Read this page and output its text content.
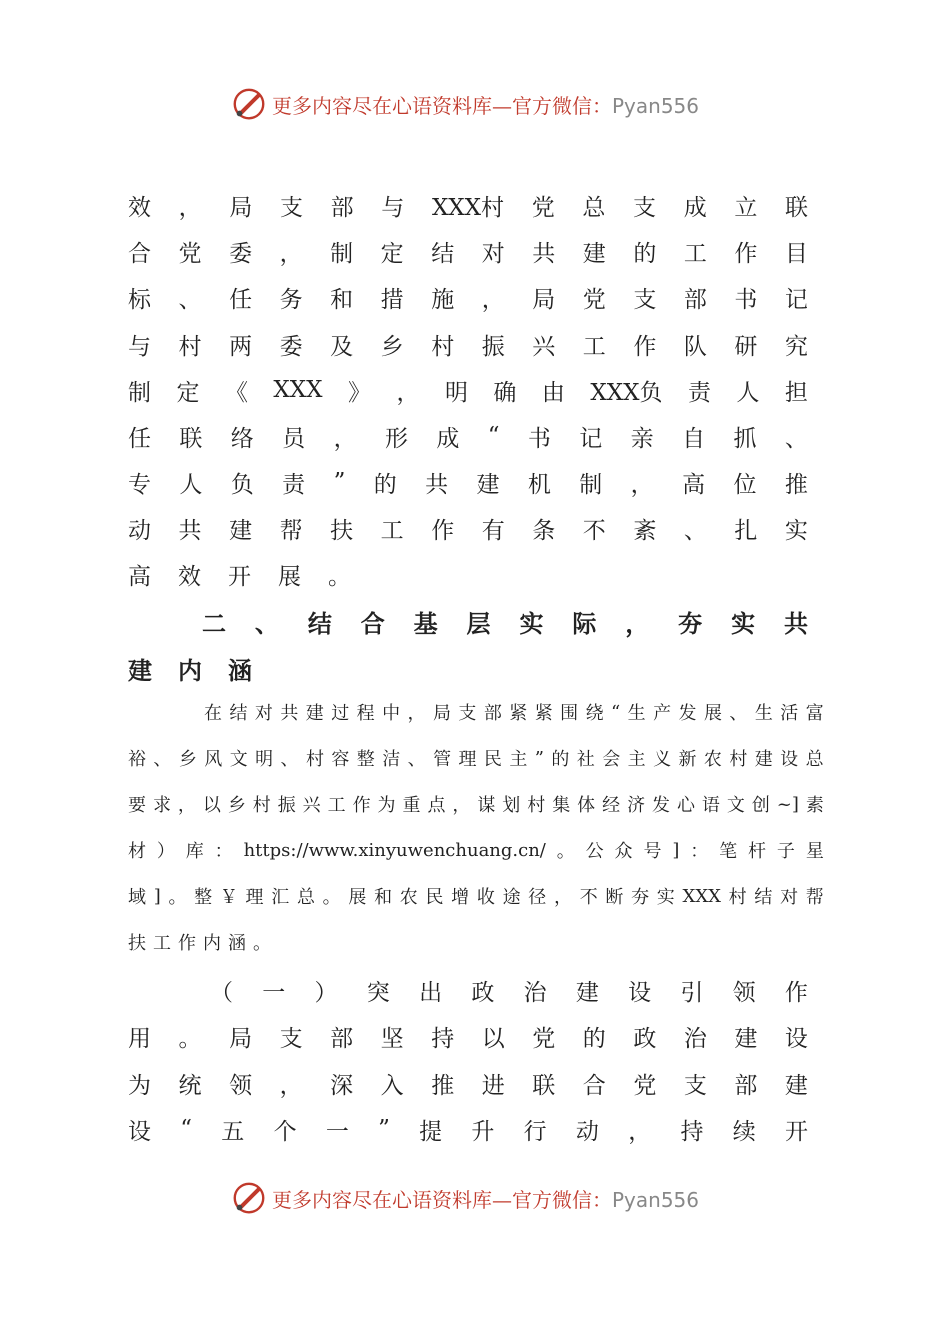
更多内容尽在心语资料库—官方微信：Pyan556
效 ， 局 支 部 与 XXX村 党 总 支 成 立 联
合 党 委 ， 制 定 结 对 共 建 的 工 作 目
标 、 任 务 和 措 施 ， 局 党 支 部 书 记
与 村 两 委 及 乡 村 振 兴 工 作 队 研 究
制 定 《 XXX 》 ， 明 确 由 XXX负 责 人 担
任 联 络 员 ， 形 成 “ 书 记 亲 自 抓 、
专 人 负 责 ” 的 共 建 机 制 ， 高 位 推
动 共 建 帮 扶 工 作 有 条 不 紊 、 扎 实
高	效	开	展	。
二 、 结 合 基 层 实 际 ， 夯 实 共
建	内	涵
在 结 对 共 建 过 程 中 ， 局 支 部 紧 紧 围 绕 “ 生 产 发 展 、 生 活 富
裕 、 乡 风 文 明 、 村 容 整 洁 、 管 理 民 主 ” 的 社 会 主 义 新 农 村 建 设 总
要 求 ， 以 乡 村 振 兴 工 作 为 重 点 ， 谋 划 村 集 体 经 济 发 心 语 文 创 ~] 素
材 ） 库 ： https://www.xinyuwenchuang.cn/ 。 公 众 号 ] ： 笔 杆 子 星
域 ] 。 整 ￥ 理 汇 总 。 展 和 农 民 增 收 途 径 ， 不 断 夯 实 XXX 村 结 对 帮
扶 工 作 内 涵 。
（ 一 ） 突 出 政 治 建 设 引 领 作
用 。 局 支 部 坚 持 以 党 的 政 治 建 设
为 统 领 ， 深 入 推 进 联 合 党 支 部 建
设 “ 五 个 一 ” 提 升 行 动 ， 持 续 开
更多内容尽在心语资料库—官方微信：Pyan556
